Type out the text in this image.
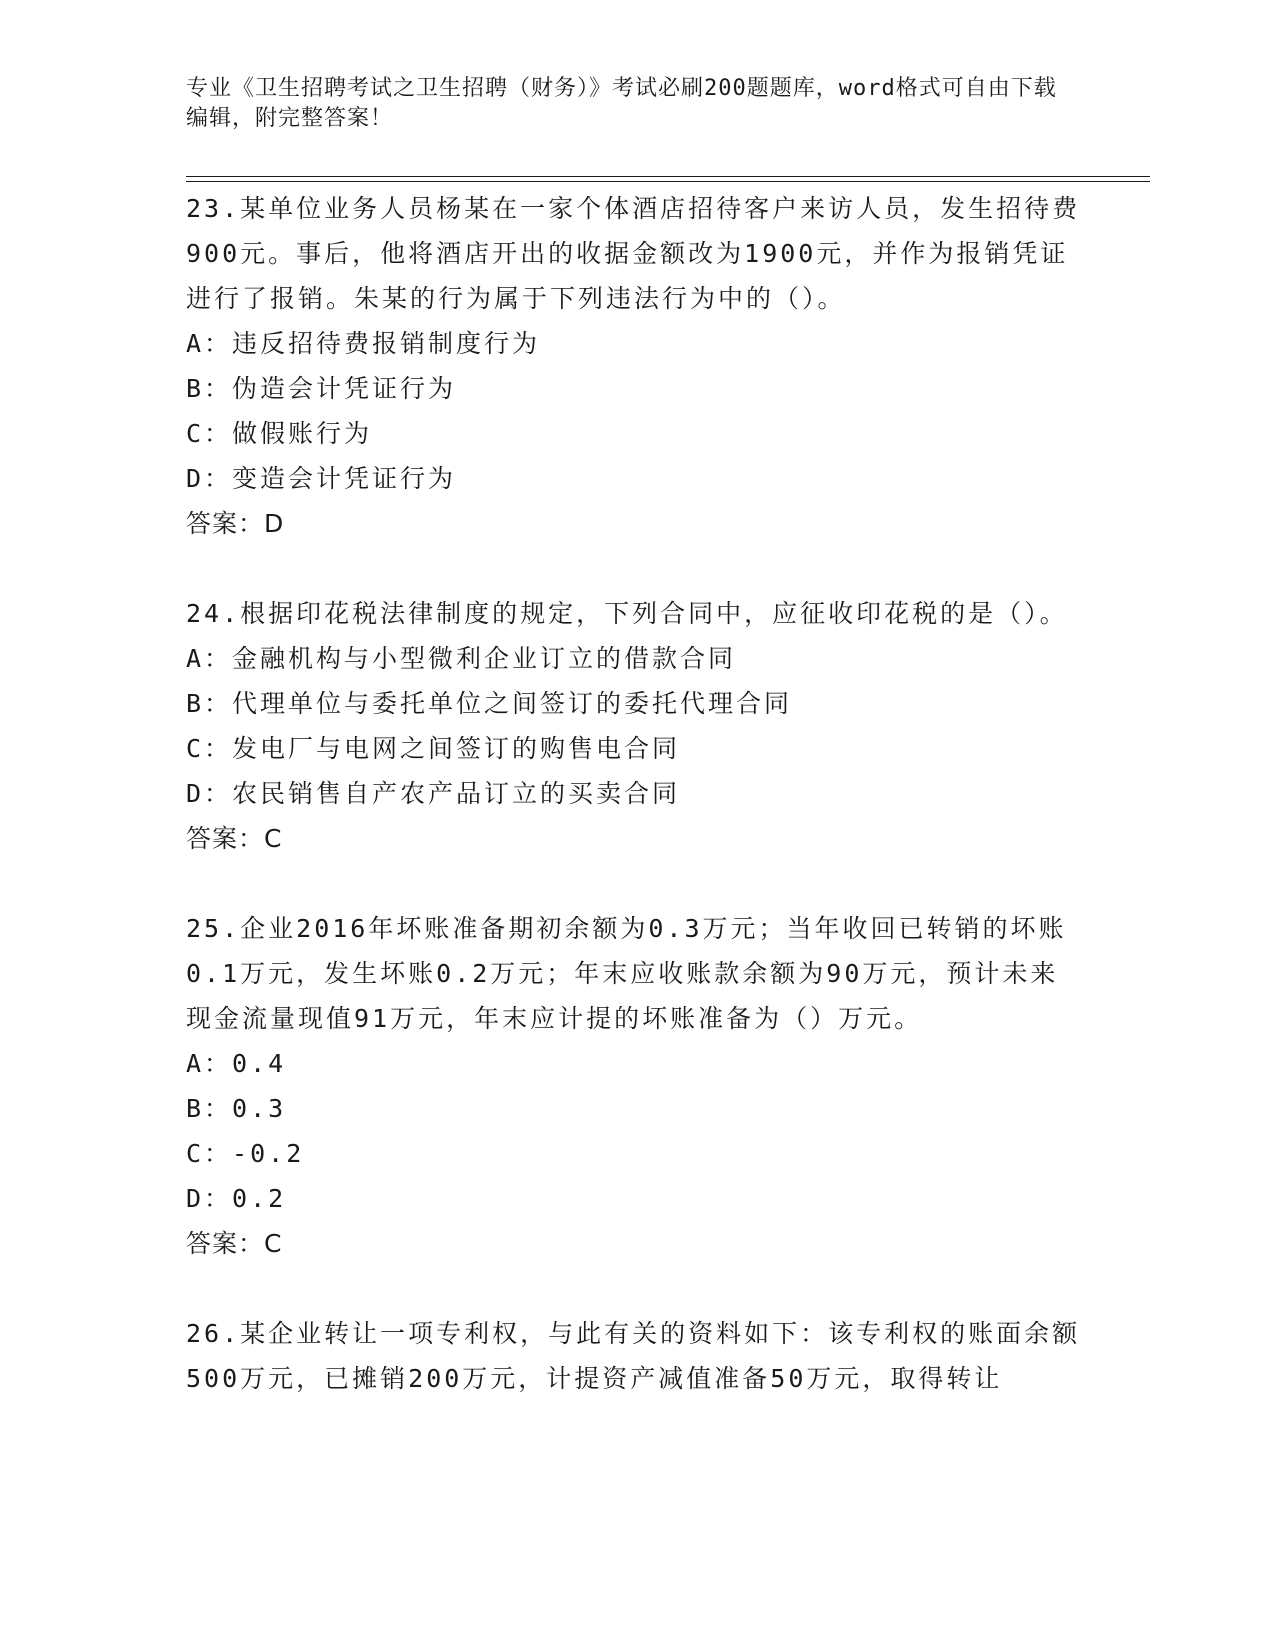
专业《卫生招聘考试之卫生招聘（财务）》考试必刷200题题库，word格式可自由下载编辑，附完整答案！

23.某单位业务人员杨某在一家个体酒店招待客户来访人员，发生招待费900元。事后，他将酒店开出的收据金额改为1900元，并作为报销凭证进行了报销。朱某的行为属于下列违法行为中的（）。

A：违反招待费报销制度行为

B：伪造会计凭证行为

C：做假账行为

D：变造会计凭证行为

答案：D

24.根据印花税法律制度的规定，下列合同中，应征收印花税的是（）。

A：金融机构与小型微利企业订立的借款合同

B：代理单位与委托单位之间签订的委托代理合同

C：发电厂与电网之间签订的购售电合同

D：农民销售自产农产品订立的买卖合同

答案：C

25.企业2016年坏账准备期初余额为0.3万元；当年收回已转销的坏账0.1万元，发生坏账0.2万元；年末应收账款余额为90万元，预计未来现金流量现值91万元，年末应计提的坏账准备为（）万元。

A：0.4

B：0.3

C：-0.2

D：0.2

答案：C

26.某企业转让一项专利权，与此有关的资料如下：该专利权的账面余额500万元，已摊销200万元，计提资产减值准备50万元，取得转让
